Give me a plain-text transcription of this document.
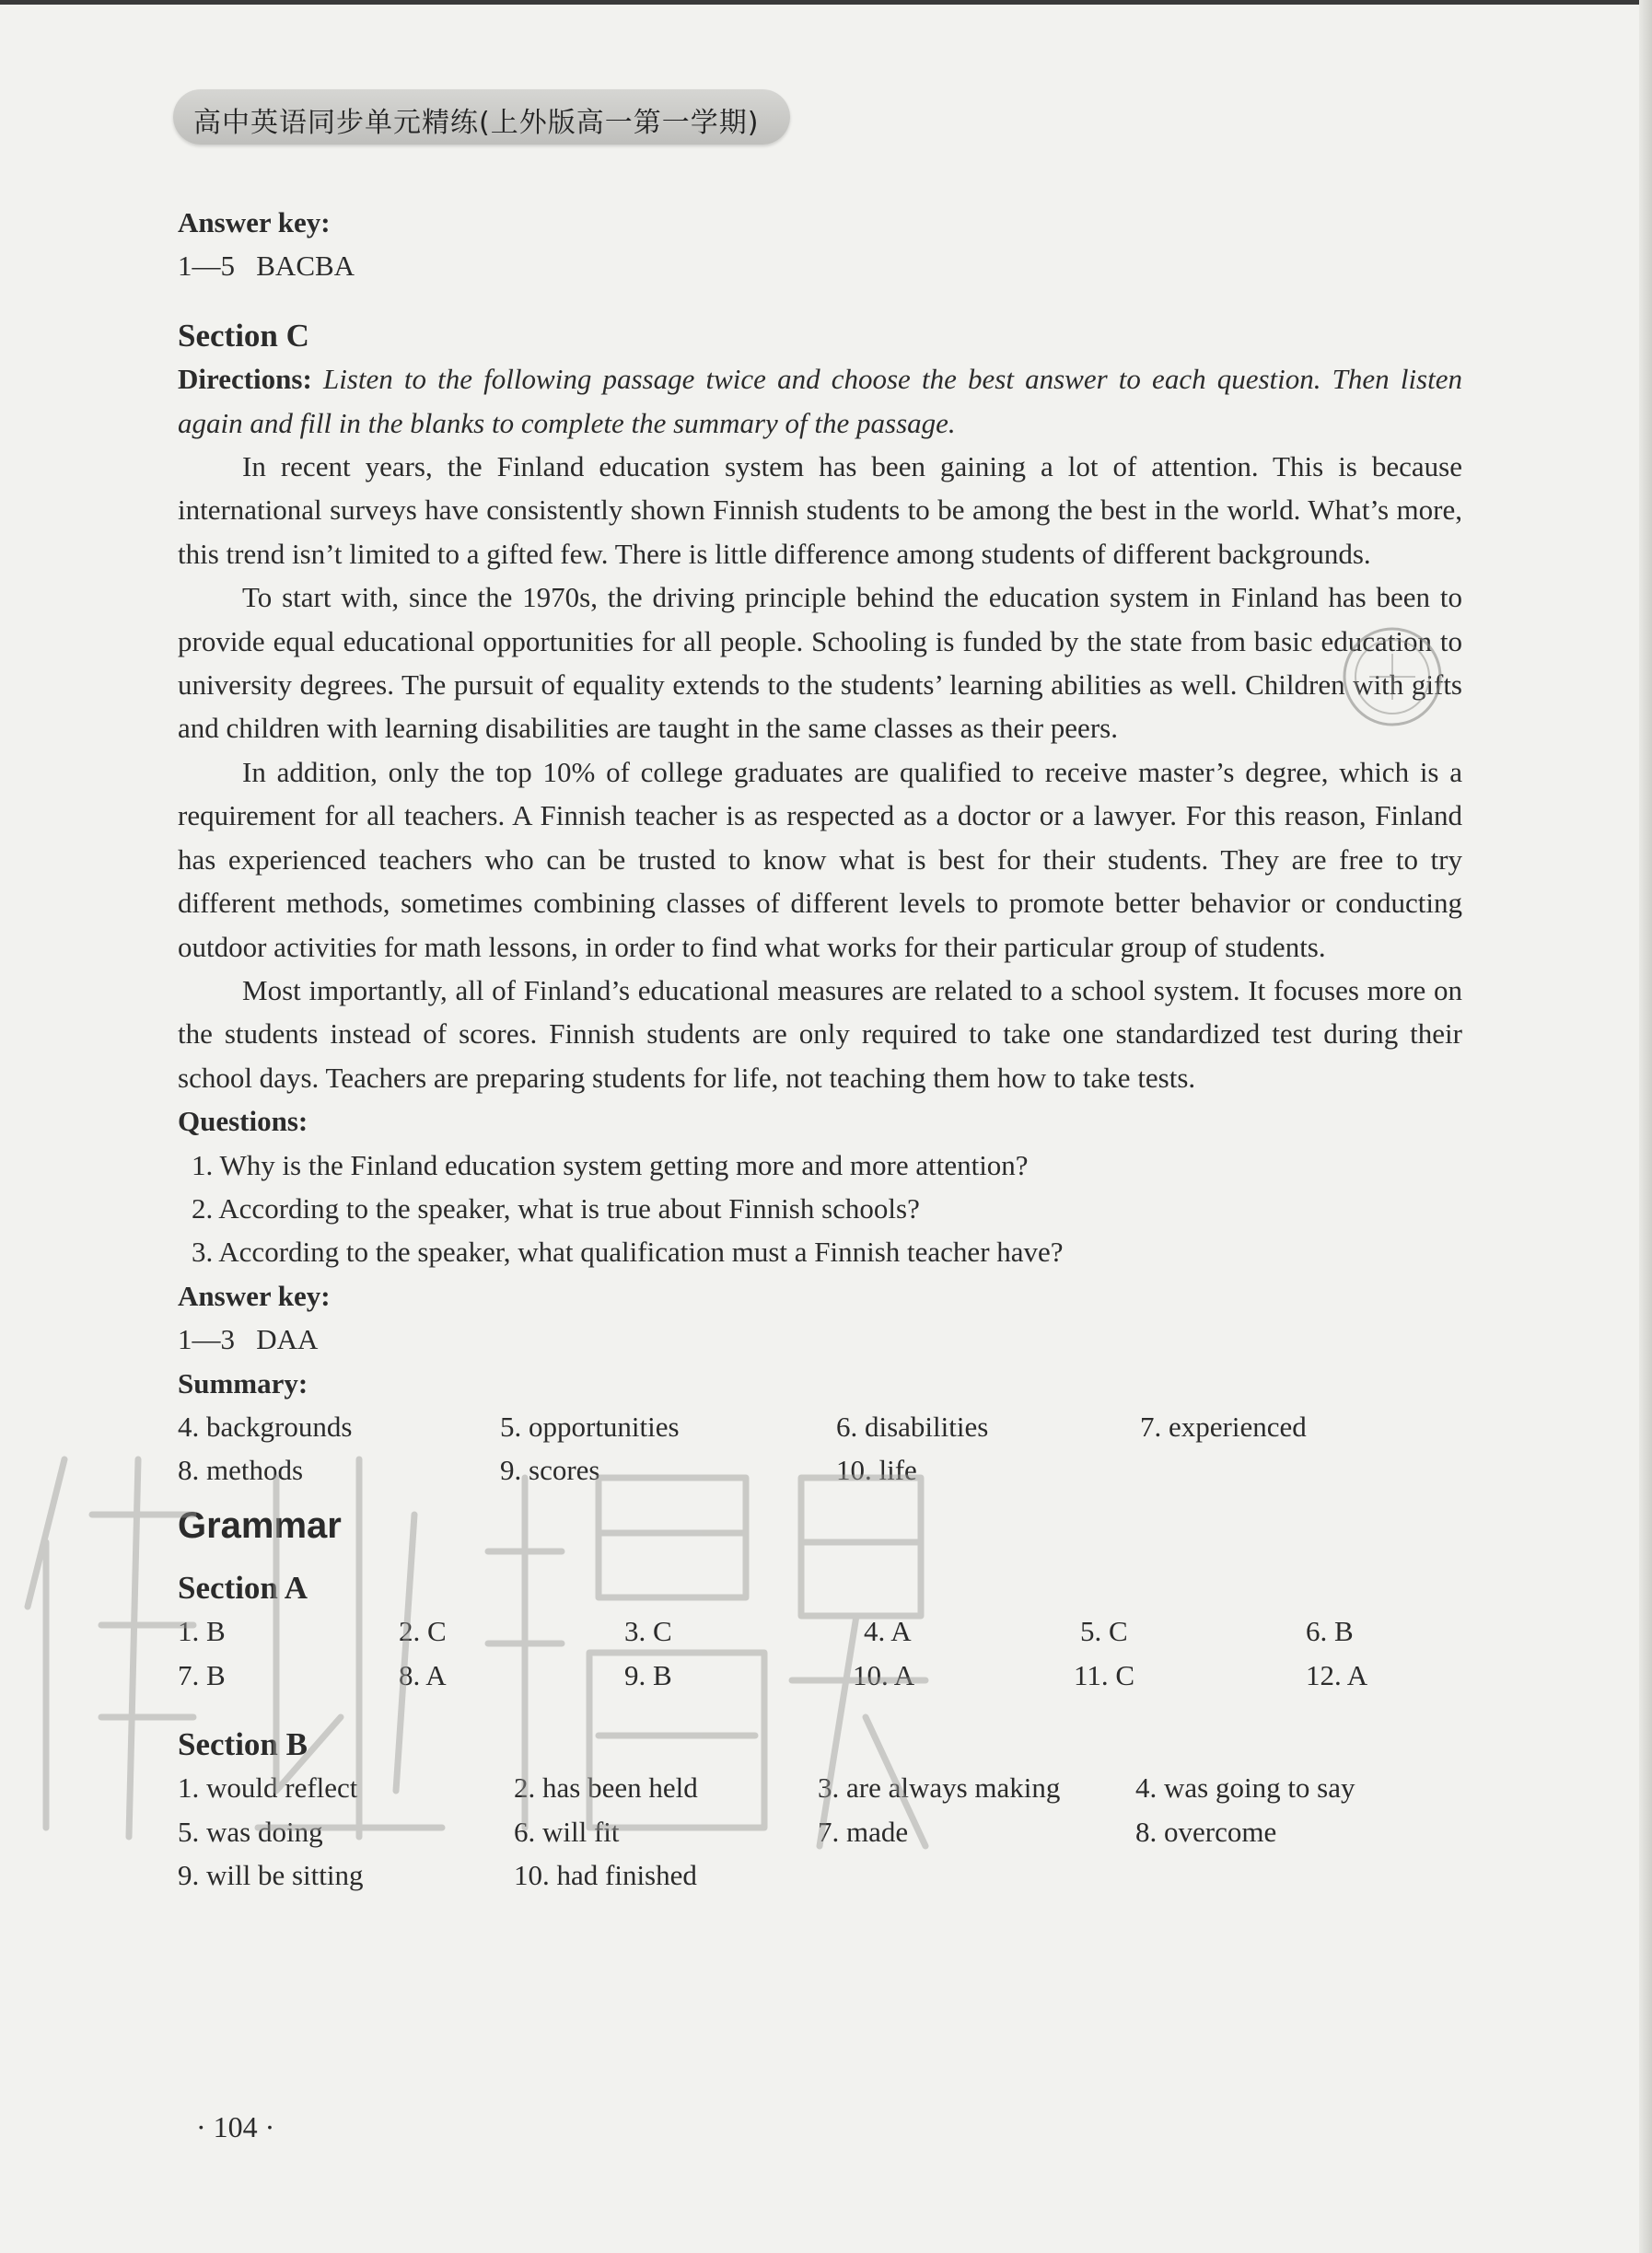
高中英语同步单元精练(上外版高一第一学期)

Answer key:

1—5   BACBA

Section C

Directions: Listen to the following passage twice and choose the best answer to each question. Then listen again and fill in the blanks to complete the summary of the passage.

In recent years, the Finland education system has been gaining a lot of attention. This is because international surveys have consistently shown Finnish students to be among the best in the world. What’s more, this trend isn’t limited to a gifted few. There is little difference among students of different backgrounds.

To start with, since the 1970s, the driving principle behind the education system in Finland has been to provide equal educational opportunities for all people. Schooling is funded by the state from basic education to university degrees. The pursuit of equality extends to the students’ learning abilities as well. Children with gifts and children with learning disabilities are taught in the same classes as their peers.

In addition, only the top 10% of college graduates are qualified to receive master’s degree, which is a requirement for all teachers. A Finnish teacher is as respected as a doctor or a lawyer. For this reason, Finland has experienced teachers who can be trusted to know what is best for their students. They are free to try different methods, sometimes combining classes of different levels to promote better behavior or conducting outdoor activities for math lessons, in order to find what works for their particular group of students.

Most importantly, all of Finland’s educational measures are related to a school system. It focuses more on the students instead of scores. Finnish students are only required to take one standardized test during their school days. Teachers are preparing students for life, not teaching them how to take tests.

Questions:

1. Why is the Finland education system getting more and more attention?

2. According to the speaker, what is true about Finnish schools?

3. According to the speaker, what qualification must a Finnish teacher have?

Answer key:

1—3   DAA

Summary:

4. backgrounds	5. opportunities	6. disabilities	7. experienced
8. methods	9. scores	10. life

Grammar

Section A

1. B	2. C	3. C	4. A	5. C	6. B
7. B	8. A	9. B	10. A	11. C	12. A

Section B

1. would reflect	2. has been held	3. are always making	4. was going to say
5. was doing	6. will fit	7. made	8. overcome
9. will be sitting	10. had finished
· 104 ·
